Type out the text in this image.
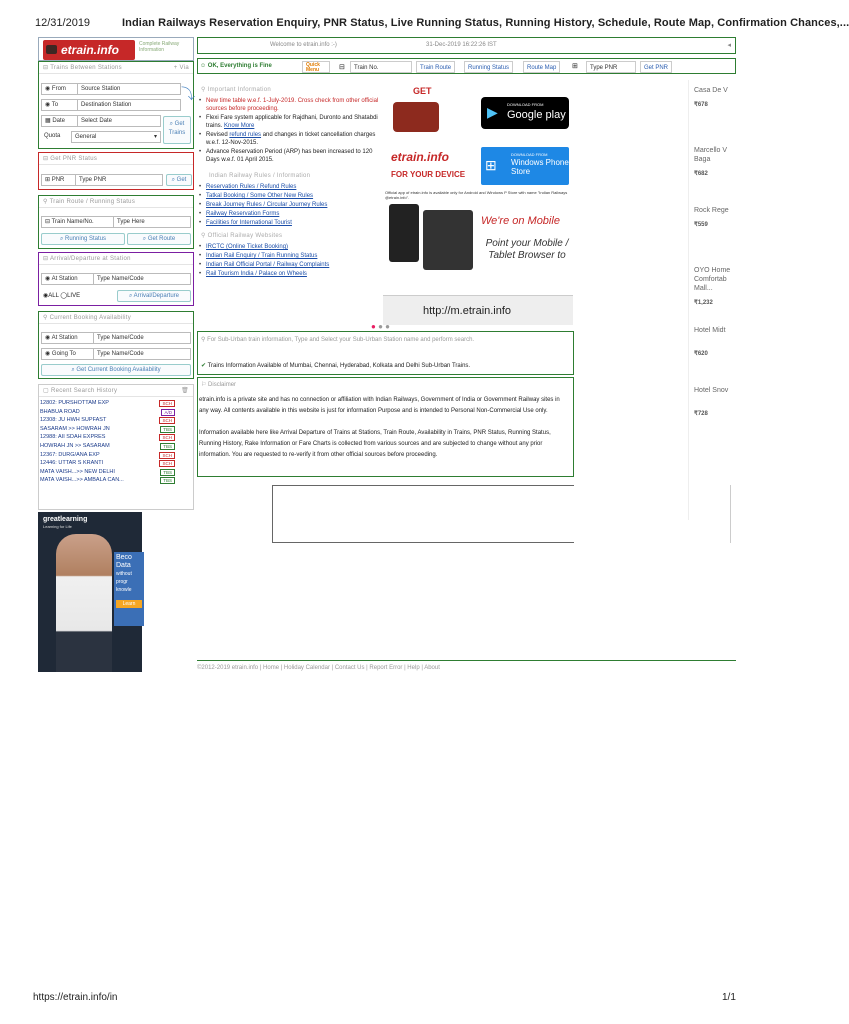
12/31/2019	Indian Railways Reservation Enquiry, PNR Status, Live Running Status, Running History, Schedule, Route Map, Confirmation Chances,...
https://etrain.info/in	1/1
etrain.info	Complete Railway Information
Welcome to etrain.info :-)	31-Dec-2019 16:22:26 IST	◂
☺ OK, Everything is Fine	Quick Menu	⊟	Train No.	Train Route	Running Status	Route Map	⊞	Type PNR	Get PNR
⊟ Trains Between Stations	+ Via
◉ From	Source Station
◉ To	Destination Station
⤵
▦ Date	Select Date
Quota	General	▾
⌕ Get Trains
⊟ Get PNR Status
⊞ PNR	Type PNR	⌕ Get
⚲ Train Route / Running Status
⊟ Train Name/No.	Type Here
⌕ Running Status	⌕ Get Route
⊟ Arrival/Departure at Station
◉ At Station	Type Name/Code
◉ALL ◯LIVE	⌕ Arrival/Departure
⚲ Current Booking Availability
◉ At Station	Type Name/Code
◉ Going To	Type Name/Code
⌕ Get Current Booking Availability
▢ Recent Search History	🗑
12802: PURSHOTTAM EXP	SCH
BHABUA ROAD	A/D
12308: JU HWH SUPFAST	SCH
SASARAM >> HOWRAH JN	TBS
12988: AII SDAH EXPRES	SCH
HOWRAH JN >> SASARAM	TBS
12367: DURG/ANA EXP	SCH
12446: UTTAR S KRANTI	SCH
MATA VAISH...>> NEW DELHI	TBS
MATA VAISH...>> AMBALA CAN...	TBS
greatlearning
Learning for Life
Beco
Data
without
progr
knowle
Learn
⚲ Important Information
• New time table w.e.f. 1-July-2019. Cross check from other official sources before proceeding.
• Flexi Fare system applicable for Rajdhani, Duronto and Shatabdi trains. Know More
• Revised refund rules and changes in ticket cancellation charges w.e.f. 12-Nov-2015.
• Advance Reservation Period (ARP) has been increased to 120 Days w.e.f. 01 April 2015.
Indian Railway Rules / Information
• Reservation Rules / Refund Rules
• Tatkal Booking / Some Other New Rules
• Break Journey Rules / Circular Journey Rules
• Railway Reservation Forms
• Facilities for International Tourist
⚲ Official Railway Websites
• IRCTC (Online Ticket Booking)
• Indian Rail Enquiry / Train Running Status
• Indian Rail Official Portal / Railway Complaints
• Rail Tourism India / Palace on Wheels
GET
etrain.info
FOR YOUR DEVICE
▶ DOWNLOAD FROM
Google play
⊞
DOWNLOAD FROM
Windows Phone Store
Official app of etrain.info is available only for Android and Windows P Store with name "Indian Railways @etrain.info".
We're on Mobile
Point your Mobile / Tablet Browser to
http://m.etrain.info
● ● ●
⚲ For Sub-Urban train information, Type and Select your Sub-Urban Station name and perform search.
✔ Trains Information Available of Mumbai, Chennai, Hyderabad, Kolkata and Delhi Sub-Urban Trains.
⚐ Disclaimer
etrain.info is a private site and has no connection or affiliation with Indian Railways, Government of India or Government Railway sites in any way. All contents available in this website is just for information Purpose and is intended to Personal Non-Commercial Use only.
Information available here like Arrival Departure of Trains at Stations, Train Route, Availability in Trains, PNR Status, Running Status, Running History, Rake Information or Fare Charts is collected from various sources and are subjected to change without any prior information. You are requested to re-verify it from other official sources before proceeding.
©2012-2019 etrain.info | Home | Holiday Calendar | Contact Us | Report Error | Help | About
Casa De V
₹678
Marcello V Baga
₹682
Rock Rege
₹559
OYO Home Comfortab Mall...
₹1,232
Hotel Midt
₹620
Hotel Snov
₹728
